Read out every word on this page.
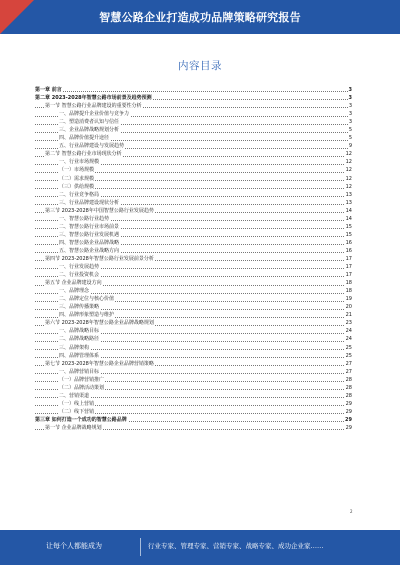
智慧公路企业打造成功品牌策略研究报告
内容目录
第一章 前言	3
第二章 2023-2028年智慧公路市场前景及趋势预测	3
第一节 智慧公路行业品牌建设的重要性分析	3
一、品牌提升企业价值与竞争力	3
二、塑造消费者认知与信任	3
三、企业品牌战略规划分析	5
四、品牌价值提升途径	5
五、行业品牌建设与发展趋势	9
第二节 智慧公路行业市场现状分析	12
一、行业市场规模	12
（一）市场规模	12
（二）需求规模	12
（三）供给规模	12
二、行业竞争格局	13
三、行业品牌建设现状分析	13
第三节 2023-2028年中国智慧公路行业发展趋势	14
一、智慧公路行业趋势	14
二、智慧公路行业市场前景	15
三、智慧公路行业发展机遇	15
四、智慧公路企业品牌战略	16
五、智慧公路企业战略方向	16
第四节 2023-2028年智慧公路行业发展前景分析	17
一、行业发展趋势	17
二、行业投资机会	17
第五节 企业品牌建设方向	18
一、品牌理念	18
二、品牌定位与核心价值	19
三、品牌传播策略	20
四、品牌形象塑造与维护	21
第六节 2023-2028年智慧公路企业品牌战略规划	23
一、品牌战略目标	24
二、品牌战略路径	24
三、品牌架构	25
四、品牌管理体系	25
第七节 2023-2028年智慧公路企业品牌营销策略	27
一、品牌营销目标	27
（一）品牌营销推广	28
（二）品牌活动策划	28
二、营销渠道	28
（一）线上营销	29
（二）线下营销	29
第三章 如何打造一个成功的智慧公路品牌	29
第一节 企业品牌战略规划	29
2
让每个人都能成为	行业专家、管理专家、营销专家、战略专家、成功企业家……
